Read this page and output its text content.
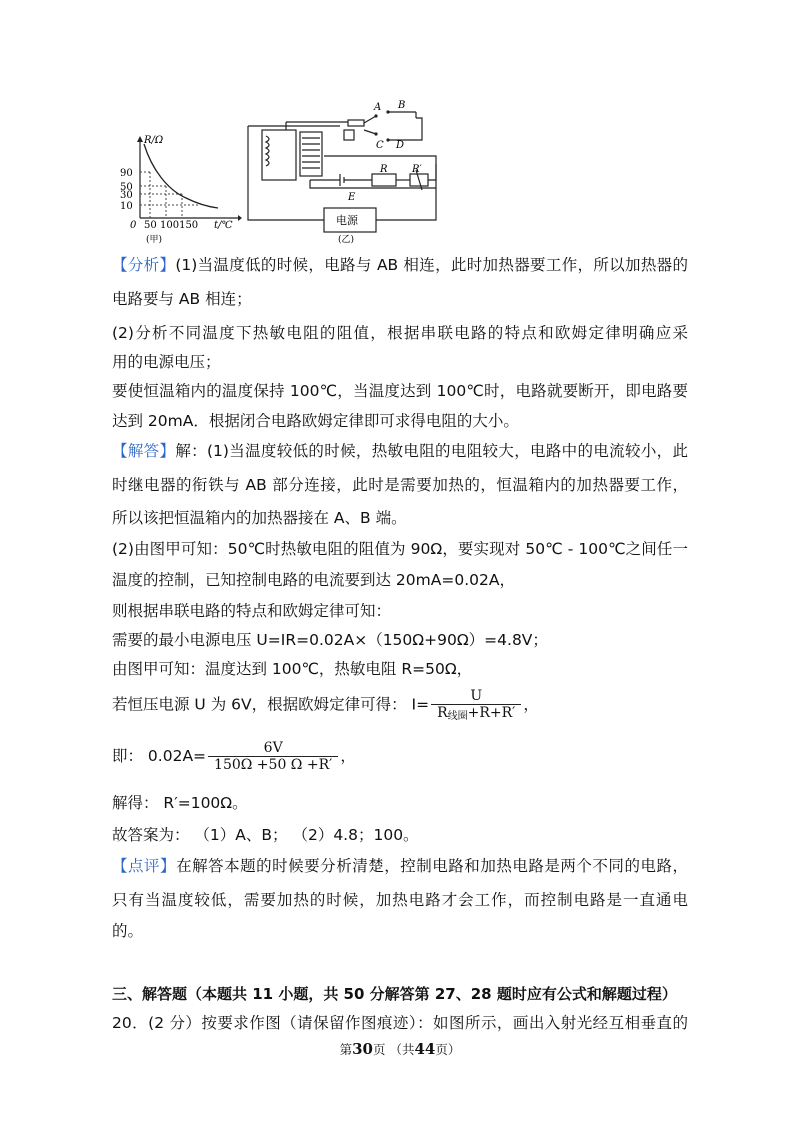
R/Ω
90
50
30
10
0 50 100150 t/℃
(甲)
A B
C D
E
R R′
电源
(乙)
【分析】(1)当温度低的时候，电路与 AB 相连，此时加热器要工作，所以加热器的
电路要与 AB 相连；
(2)分析不同温度下热敏电阻的阻值，根据串联电路的特点和欧姆定律明确应采
用的电源电压；
要使恒温箱内的温度保持 100℃，当温度达到 100℃时，电路就要断开，即电路要
达到 20mA．根据闭合电路欧姆定律即可求得电阻的大小。
【解答】解：(1)当温度较低的时候，热敏电阻的电阻较大，电路中的电流较小，此
时继电器的衔铁与 AB 部分连接，此时是需要加热的，恒温箱内的加热器要工作，
所以该把恒温箱内的加热器接在 A、B 端。
(2)由图甲可知：50℃时热敏电阻的阻值为 90Ω，要实现对 50℃ - 100℃之间任一
温度的控制，已知控制电路的电流要到达 20mA=0.02A，
则根据串联电路的特点和欧姆定律可知：
需要的最小电源电压 U=IR=0.02A×（150Ω+90Ω）=4.8V；
由图甲可知：温度达到 100℃，热敏电阻 R=50Ω，
若恒压电源 U 为 6V，根据欧姆定律可得： $I= \frac{U}{R_{线圈}+R+R'}$ ，
即： $0.02A= \frac{6V}{150\Omega +50 \Omega +R'}$ ，
解得： R′=100Ω。
故答案为： （1）A、B； （2）4.8；100。
【点评】在解答本题的时候要分析清楚，控制电路和加热电路是两个不同的电路，
只有当温度较低，需要加热的时候，加热电路才会工作，而控制电路是一直通电
的。
三、解答题（本题共 11 小题，共 50 分解答第 27、28 题时应有公式和解题过程）
20．(2 分）按要求作图（请保留作图痕迹）：如图所示，画出入射光经互相垂直的
第30页 （共44页）
